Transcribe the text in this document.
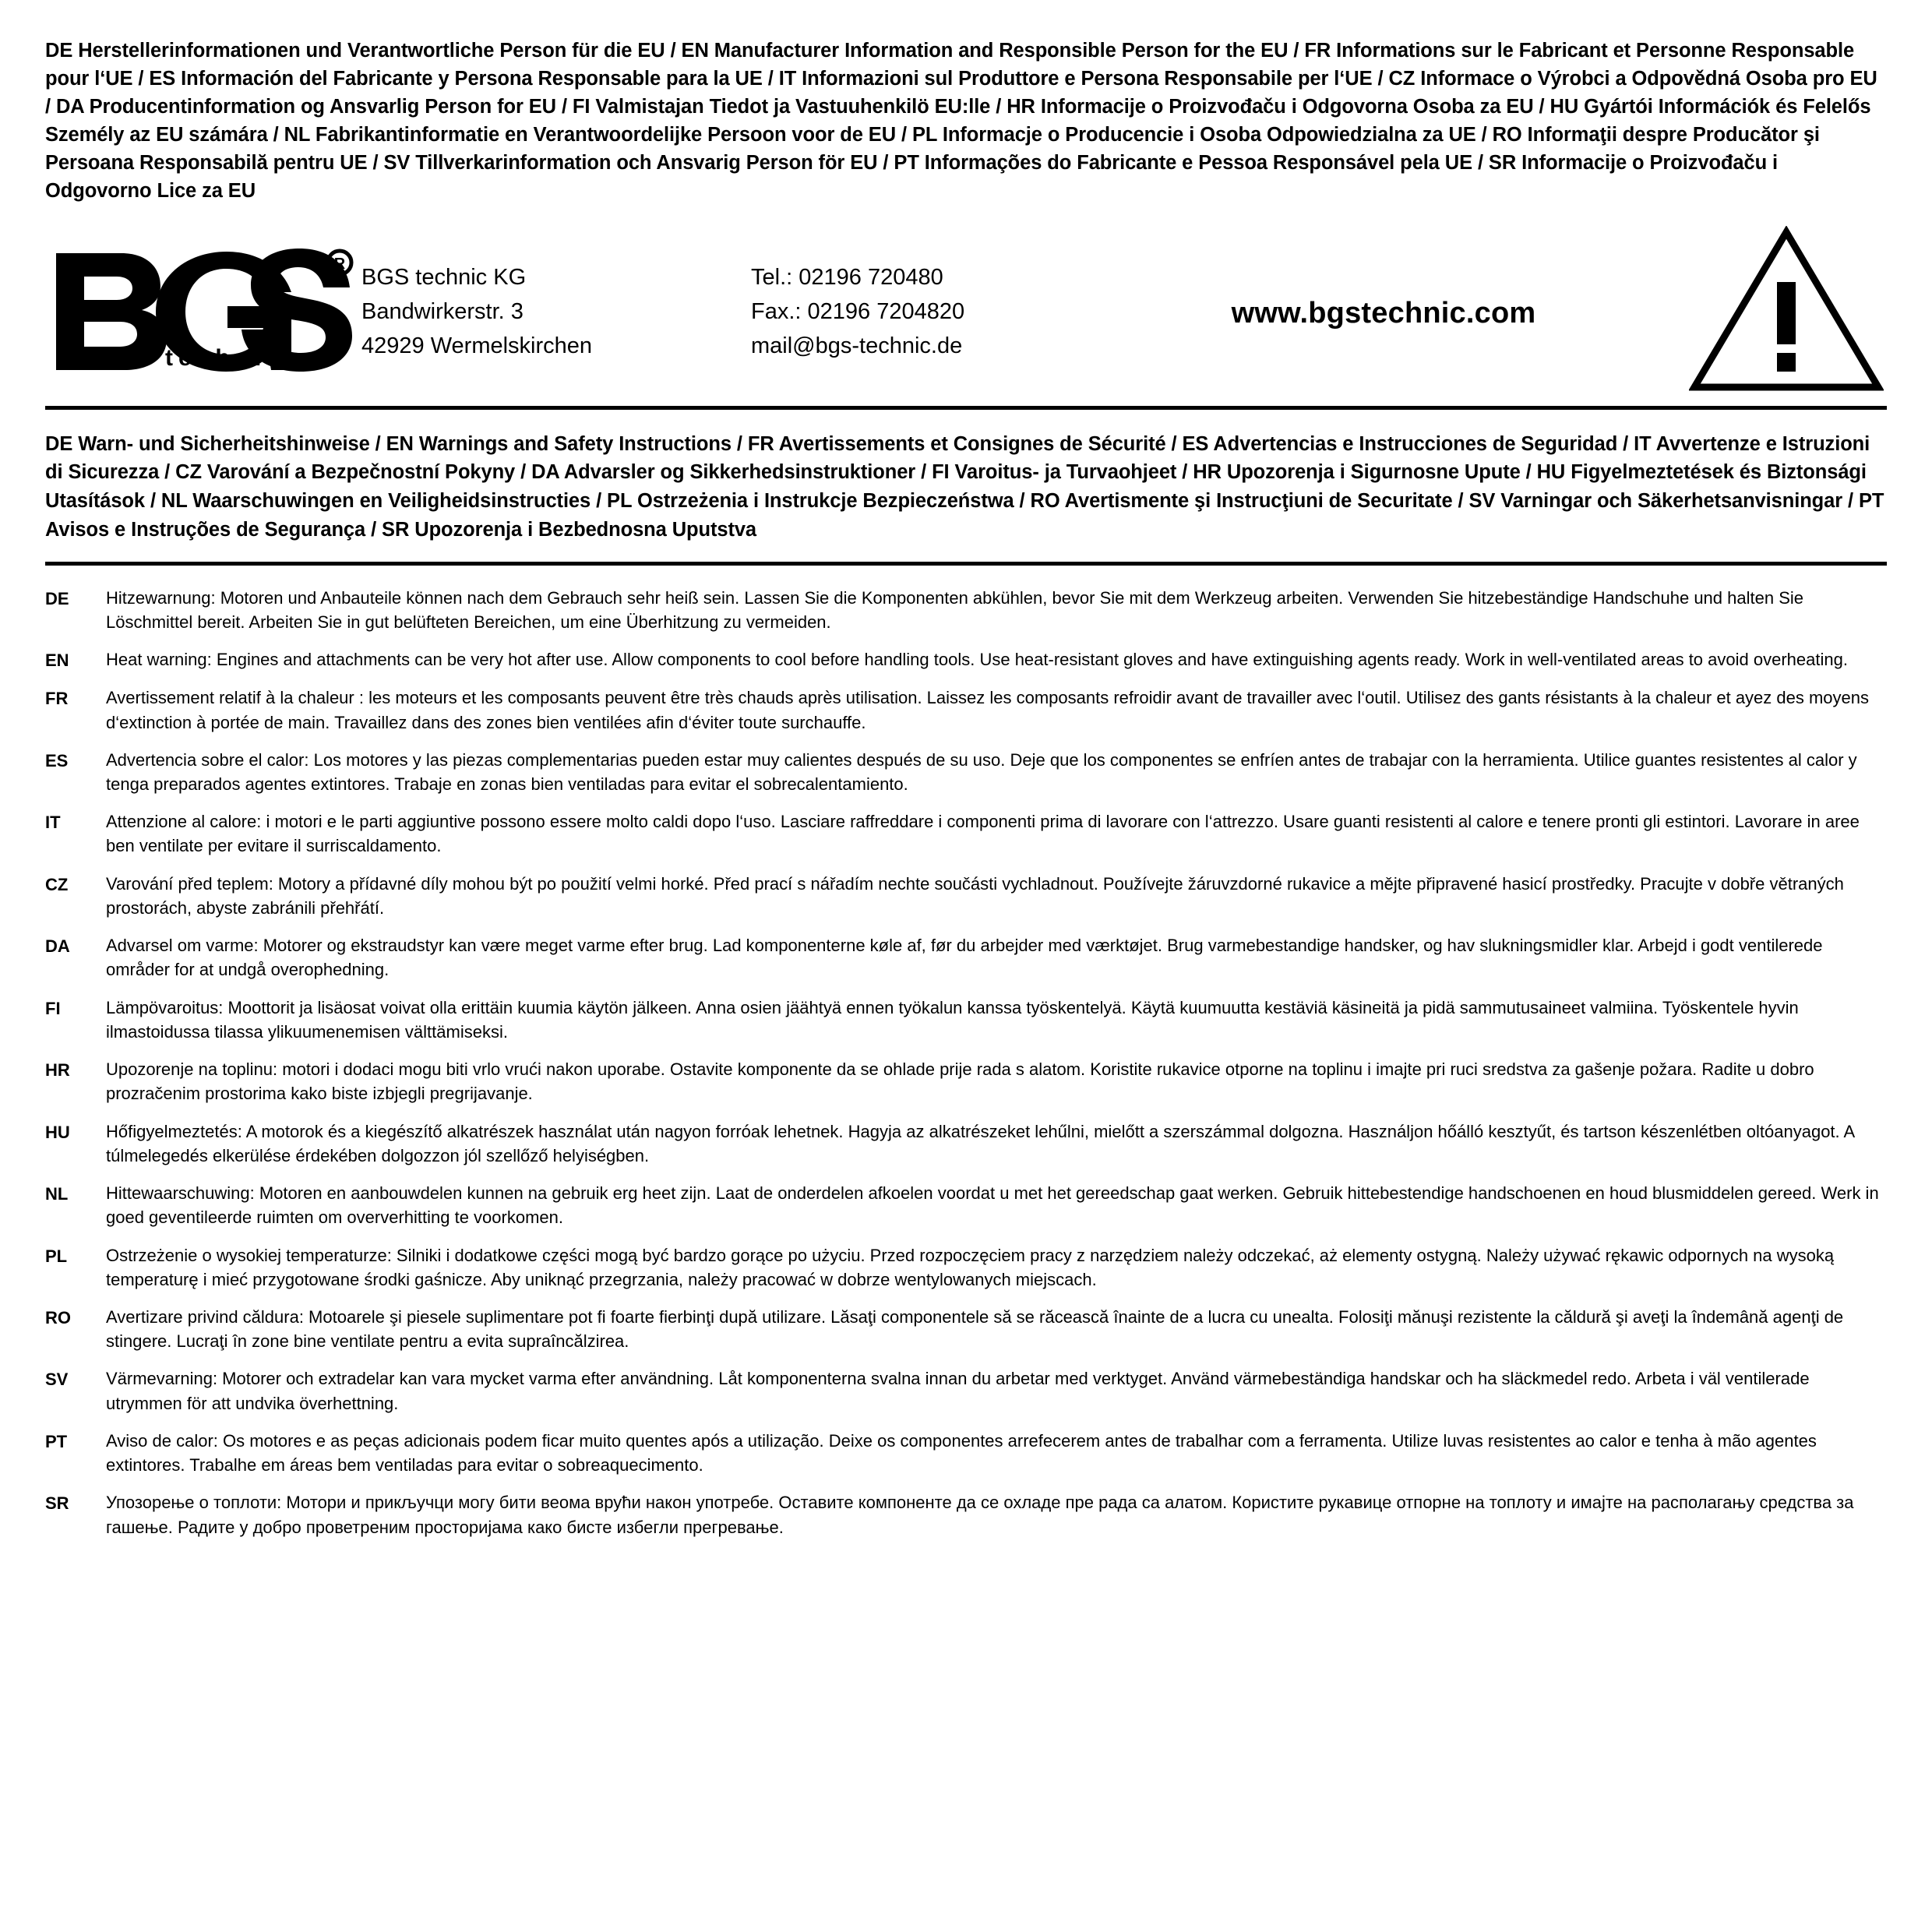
DE Herstellerinformationen und Verantwortliche Person für die EU / EN Manufacturer Information and Responsible Person for the EU / FR Informations sur le Fabricant et Personne Responsable pour l‘UE / ES Información del Fabricante y Persona Responsable para la UE / IT Informazioni sul Produttore e Persona Responsabile per l‘UE / CZ Informace o Výrobci a Odpovědná Osoba pro EU / DA Producentinformation og Ansvarlig Person for EU / FI Valmistajan Tiedot ja Vastuuhenkilö EU:lle / HR Informacije o Proizvođaču i Odgovorna Osoba za EU / HU Gyártói Információk és Felelős Személy az EU számára / NL Fabrikantinformatie en Verantwoordelijke Persoon voor de EU / PL Informacje o Producencie i Osoba Odpowiedzialna za UE / RO Informaţii despre Producător şi Persoana Responsabilă pentru UE / SV Tillverkarinformation och Ansvarig Person för EU / PT Informações do Fabricante e Pessoa Responsável pela UE / SR Informacije o Proizvođaču i Odgovorno Lice za EU
R
technic
BGS technic KG
Bandwirkerstr. 3
42929 Wermelskirchen
Tel.: 02196 720480
Fax.: 02196 7204820
mail@bgs-technic.de
www.bgstechnic.com
DE Warn- und Sicherheitshinweise / EN Warnings and Safety Instructions / FR Avertissements et Consignes de Sécurité / ES Advertencias e Instrucciones de Seguridad / IT Avvertenze e Istruzioni di Sicurezza / CZ Varování a Bezpečnostní Pokyny / DA Advarsler og Sikkerhedsinstruktioner / FI Varoitus- ja Turvaohjeet / HR Upozorenja i Sigurnosne Upute / HU Figyelmeztetések és Biztonsági Utasítások / NL Waarschuwingen en Veiligheidsinstructies / PL Ostrzeżenia i Instrukcje Bezpieczeństwa / RO Avertismente şi Instrucţiuni de Securitate / SV Varningar och Säkerhetsanvisningar / PT Avisos e Instruções de Segurança / SR Upozorenja i Bezbednosna Uputstva
DE	Hitzewarnung: Motoren und Anbauteile können nach dem Gebrauch sehr heiß sein. Lassen Sie die Komponenten abkühlen, bevor Sie mit dem Werkzeug arbeiten. Verwenden Sie hitzebeständige Handschuhe und halten Sie Löschmittel bereit. Arbeiten Sie in gut belüfteten Bereichen, um eine Überhitzung zu vermeiden.
EN	Heat warning: Engines and attachments can be very hot after use. Allow components to cool before handling tools. Use heat-resistant gloves and have extinguishing agents ready. Work in well-ventilated areas to avoid overheating.
FR	Avertissement relatif à la chaleur : les moteurs et les composants peuvent être très chauds après utilisation. Laissez les composants refroidir avant de travailler avec l‘outil. Utilisez des gants résistants à la chaleur et ayez des moyens d‘extinction à portée de main. Travaillez dans des zones bien ventilées afin d‘éviter toute surchauffe.
ES	Advertencia sobre el calor: Los motores y las piezas complementarias pueden estar muy calientes después de su uso. Deje que los componentes se enfríen antes de trabajar con la herramienta. Utilice guantes resistentes al calor y tenga preparados agentes extintores. Trabaje en zonas bien ventiladas para evitar el sobrecalentamiento.
IT	Attenzione al calore: i motori e le parti aggiuntive possono essere molto caldi dopo l‘uso. Lasciare raffreddare i componenti prima di lavorare con l‘attrezzo. Usare guanti resistenti al calore e tenere pronti gli estintori. Lavorare in aree ben ventilate per evitare il surriscaldamento.
CZ	Varování před teplem: Motory a přídavné díly mohou být po použití velmi horké. Před prací s nářadím nechte součásti vychladnout. Používejte žáruvzdorné rukavice a mějte připravené hasicí prostředky. Pracujte v dobře větraných prostorách, abyste zabránili přehřátí.
DA	Advarsel om varme: Motorer og ekstraudstyr kan være meget varme efter brug. Lad komponenterne køle af, før du arbejder med værktøjet. Brug varmebestandige handsker, og hav slukningsmidler klar. Arbejd i godt ventilerede områder for at undgå overophedning.
FI	Lämpövaroitus: Moottorit ja lisäosat voivat olla erittäin kuumia käytön jälkeen. Anna osien jäähtyä ennen työkalun kanssa työskentelyä. Käytä kuumuutta kestäviä käsineitä ja pidä sammutusaineet valmiina. Työskentele hyvin ilmastoidussa tilassa ylikuumenemisen välttämiseksi.
HR	Upozorenje na toplinu: motori i dodaci mogu biti vrlo vrući nakon uporabe. Ostavite komponente da se ohlade prije rada s alatom. Koristite rukavice otporne na toplinu i imajte pri ruci sredstva za gašenje požara. Radite u dobro prozračenim prostorima kako biste izbjegli pregrijavanje.
HU	Hőfigyelmeztetés: A motorok és a kiegészítő alkatrészek használat után nagyon forróak lehetnek. Hagyja az alkatrészeket lehűlni, mielőtt a szerszámmal dolgozna. Használjon hőálló kesztyűt, és tartson készenlétben oltóanyagot. A túlmelegedés elkerülése érdekében dolgozzon jól szellőző helyiségben.
NL	Hittewaarschuwing: Motoren en aanbouwdelen kunnen na gebruik erg heet zijn. Laat de onderdelen afkoelen voordat u met het gereedschap gaat werken. Gebruik hittebestendige handschoenen en houd blusmiddelen gereed. Werk in goed geventileerde ruimten om oververhitting te voorkomen.
PL	Ostrzeżenie o wysokiej temperaturze: Silniki i dodatkowe części mogą być bardzo gorące po użyciu. Przed rozpoczęciem pracy z narzędziem należy odczekać, aż elementy ostygną. Należy używać rękawic odpornych na wysoką temperaturę i mieć przygotowane środki gaśnicze. Aby uniknąć przegrzania, należy pracować w dobrze wentylowanych miejscach.
RO	Avertizare privind căldura: Motoarele şi piesele suplimentare pot fi foarte fierbinţi după utilizare. Lăsaţi componentele să se răcească înainte de a lucra cu unealta. Folosiţi mănuşi rezistente la căldură şi aveţi la îndemână agenţi de stingere. Lucraţi în zone bine ventilate pentru a evita supraîncălzirea.
SV	Värmevarning: Motorer och extradelar kan vara mycket varma efter användning. Låt komponenterna svalna innan du arbetar med verktyget. Använd värmebeständiga handskar och ha släckmedel redo. Arbeta i väl ventilerade utrymmen för att undvika överhettning.
PT	Aviso de calor: Os motores e as peças adicionais podem ficar muito quentes após a utilização. Deixe os componentes arrefecerem antes de trabalhar com a ferramenta. Utilize luvas resistentes ao calor e tenha à mão agentes extintores. Trabalhe em áreas bem ventiladas para evitar o sobreaquecimento.
SR	Упозорење о топлоти: Мотори и прикључци могу бити веома врући након употребе. Оставите компоненте да се охладе пре рада са алатом. Користите рукавице отпорне на топлоту и имајте на располагању средства за гашење. Радите у добро проветреним просторијама како бисте избегли прегревање.
